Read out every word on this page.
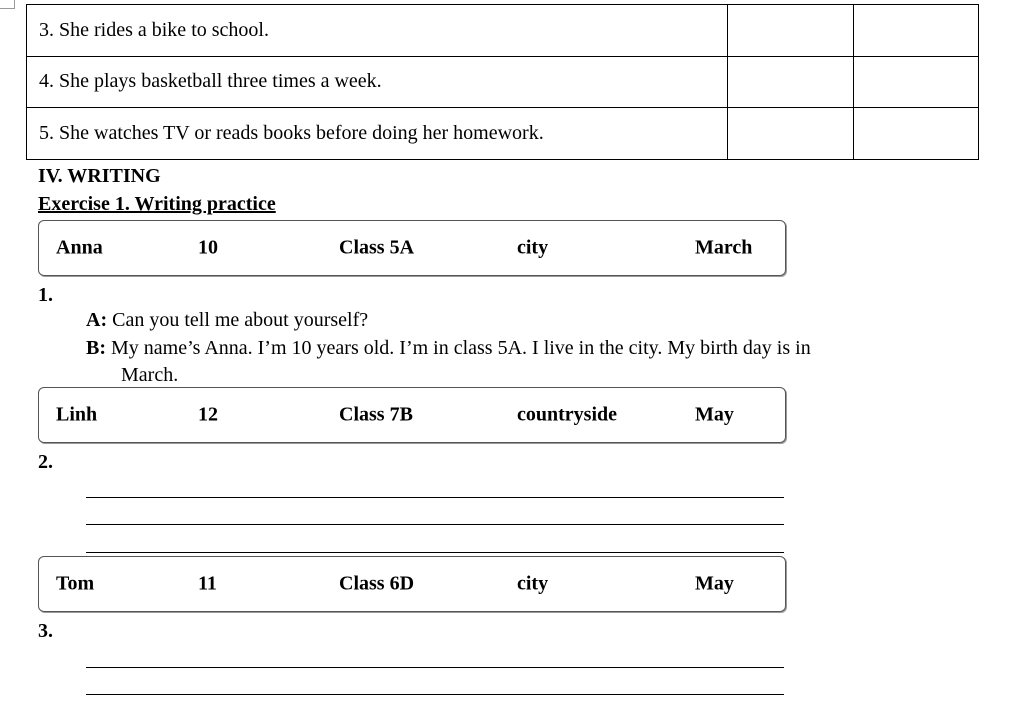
3. She rides a bike to school.		
4. She plays basketball three times a week.		
5. She watches TV or reads books before doing her homework.		
IV. WRITING
Exercise 1. Writing practice
Anna	10	Class 5A	city	March
1.
A: Can you tell me about yourself?
B: My name’s Anna. I’m 10 years old. I’m in class 5A. I live in the city. My birth day is in
March.
Linh	12	Class 7B	countryside	May
2.
Tom	11	Class 6D	city	May
3.
